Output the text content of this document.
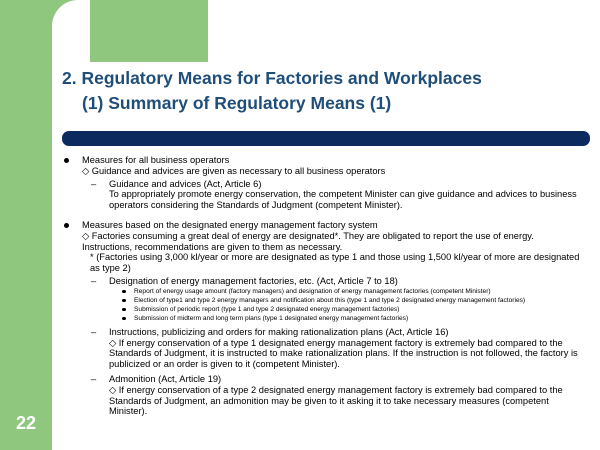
22
2. Regulatory Means for Factories and Workplaces
(1) Summary of Regulatory Means (1)
Measures for all business operators
◇ Guidance and advices are given as necessary to all business operators
– Guidance and advices (Act, Article 6)
To appropriately promote energy conservation, the competent Minister can give guidance and advices to business operators considering the Standards of Judgment (competent Minister).
Measures based on the designated energy management factory system
◇ Factories consuming a great deal of energy are designated*. They are obligated to report the use of energy. Instructions, recommendations are given to them as necessary.
* (Factories using 3,000 kl/year or more are designated as type 1 and those using 1,500 kl/year of more are designated as type 2)
– Designation of energy management factories, etc. (Act, Article 7 to 18)
Report of energy usage amount (factory managers) and designation of energy management factories (competent Minister)
Election of type1 and type 2 energy managers and notification about this (type 1 and type 2 designated energy management factories)
Submission of periodic report (type 1 and type 2 designated energy management factories)
Submission of midterm and long term plans (type 1 designated energy management factories)
– Instructions, publicizing and orders for making rationalization plans (Act, Article 16)
◇ If energy conservation of a type 1 designated energy management factory is extremely bad compared to the Standards of Judgment, it is instructed to make rationalization plans. If the instruction is not followed, the factory is publicized or an order is given to it (competent Minister).
– Admonition (Act, Article 19)
◇ If energy conservation of a type 2 designated energy management factory is extremely bad compared to the Standards of Judgment, an admonition may be given to it asking it to take necessary measures (competent Minister).
